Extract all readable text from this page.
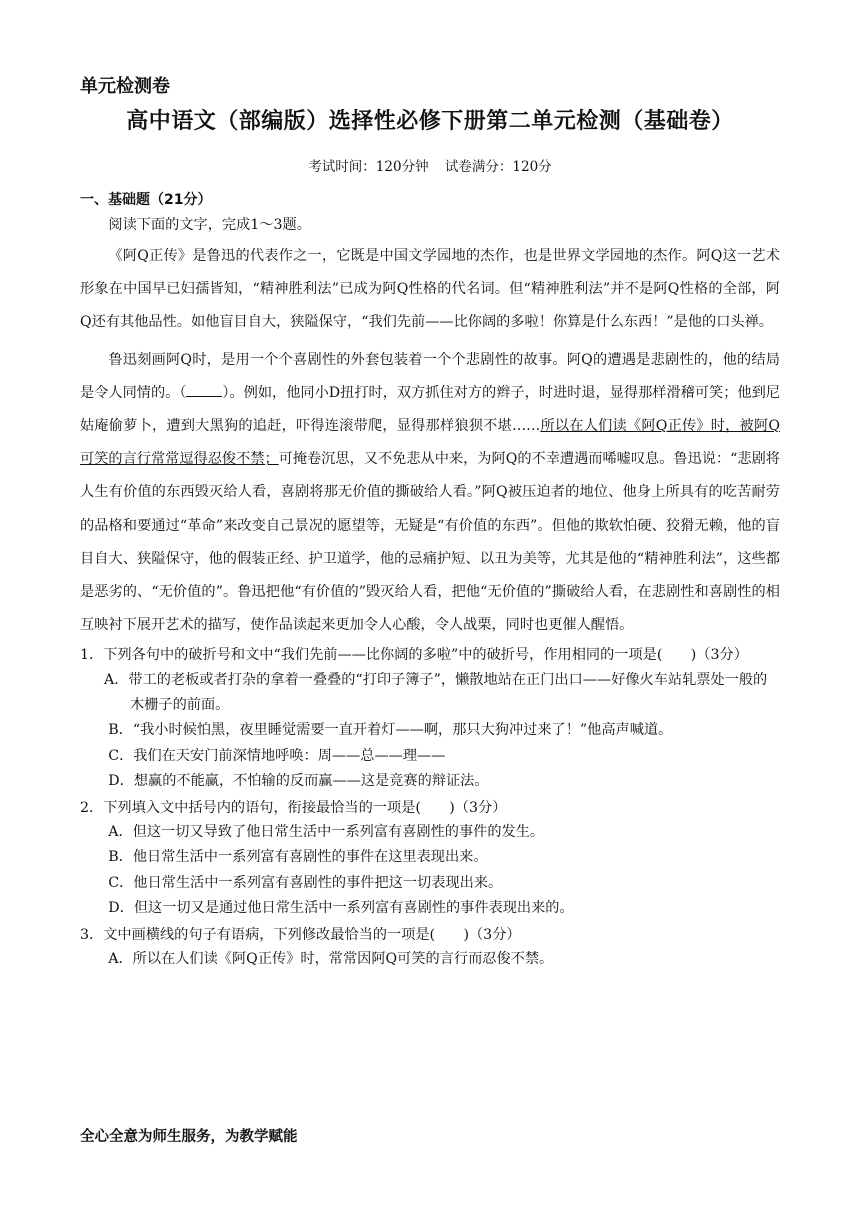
单元检测卷
高中语文（部编版）选择性必修下册第二单元检测（基础卷）
考试时间：120分钟 试卷满分：120分
一、基础题（21分）
阅读下面的文字，完成1～3题。

《阿Q正传》是鲁迅的代表作之一，它既是中国文学园地的杰作，也是世界文学园地的杰作。阿Q这一艺术形象在中国早已妇孺皆知，“精神胜利法”已成为阿Q性格的代名词。但“精神胜利法”并不是阿Q性格的全部，阿Q还有其他品性。如他盲目自大，狭隘保守，“我们先前——比你阔的多啦！你算是什么东西！”是他的口头禅。

鲁迅刻画阿Q时，是用一个个喜剧性的外套包装着一个个悲剧性的故事。阿Q的遭遇是悲剧性的，他的结局是令人同情的。（	）。例如，他同小D扭打时，双方抓住对方的辫子，时进时退，显得那样滑稽可笑；他到尼姑庵偷萝卜，遭到大黑狗的追赶，吓得连滚带爬，显得那样狼狈不堪……所以在人们读《阿Q正传》时，被阿Q可笑的言行常常逗得忍俊不禁；可掩卷沉思，又不免悲从中来，为阿Q的不幸遭遇而唏嘘叹息。鲁迅说：“悲剧将人生有价值的东西毁灭给人看，喜剧将那无价值的撕破给人看。”阿Q被压迫者的地位、他身上所具有的吃苦耐劳的品格和要通过“革命”来改变自己景况的愿望等，无疑是“有价值的东西”。但他的欺软怕硬、狡猾无赖，他的盲目自大、狭隘保守，他的假装正经、护卫道学，他的忌痛护短、以丑为美等，尤其是他的“精神胜利法”，这些都是恶劣的、“无价值的”。鲁迅把他“有价值的”毁灭给人看，把他“无价值的”撕破给人看，在悲剧性和喜剧性的相互映衬下展开艺术的描写，使作品读起来更加令人心酸，令人战栗，同时也更催人醒悟。

1．下列各句中的破折号和文中“我们先前——比你阔的多啦”中的破折号，作用相同的一项是(　　)（3分）
A．带工的老板或者打杂的拿着一叠叠的“打印子簿子”，懒散地站在正门出口——好像火车站轧票处一般的木栅子的前面。
B．“我小时候怕黑，夜里睡觉需要一直开着灯——啊，那只大狗冲过来了！”他高声喊道。
C．我们在天安门前深情地呼唤：周——总——理——
D．想赢的不能赢，不怕输的反而赢——这是竞赛的辩证法。
2．下列填入文中括号内的语句，衔接最恰当的一项是(　　)（3分）
A．但这一切又导致了他日常生活中一系列富有喜剧性的事件的发生。
B．他日常生活中一系列富有喜剧性的事件在这里表现出来。
C．他日常生活中一系列富有喜剧性的事件把这一切表现出来。
D．但这一切又是通过他日常生活中一系列富有喜剧性的事件表现出来的。
3．文中画横线的句子有语病，下列修改最恰当的一项是(　　)（3分）
A．所以在人们读《阿Q正传》时，常常因阿Q可笑的言行而忍俊不禁。
全心全意为师生服务，为教学赋能
